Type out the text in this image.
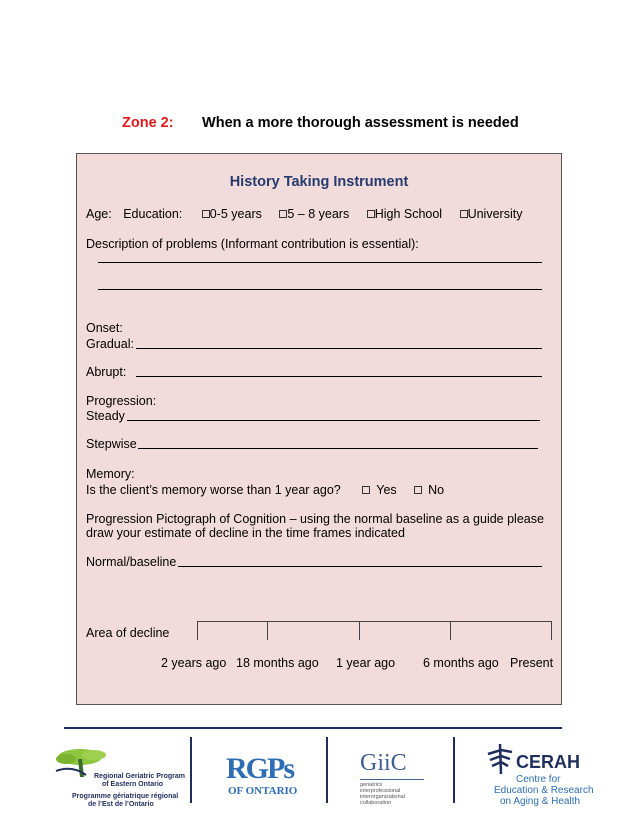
Zone 2: When a more thorough assessment is needed
History Taking Instrument
Age: Education: 0-5 years 5 – 8 years High School University
Description of problems (Informant contribution is essential):
Onset:
Gradual:
Abrupt:
Progression:
Steady
Stepwise
Memory:
Is the client’s memory worse than 1 year ago?	Yes	No
Progression Pictograph of Cognition – using the normal baseline as a guide please
draw your estimate of decline in the time frames indicated
Normal/baseline
Area of decline
2 years ago 18 months ago 1 year ago 6 months ago Present
Regional Geriatric Program
of Eastern Ontario
Programme gériatrique régional
de l’Est de l’Ontario
RGPs
OF ONTARIO
GiiC
geriatrics
interprofessional
interorganizational
collaboration
CERAH
Centre for
Education & Research
on Aging & Health
